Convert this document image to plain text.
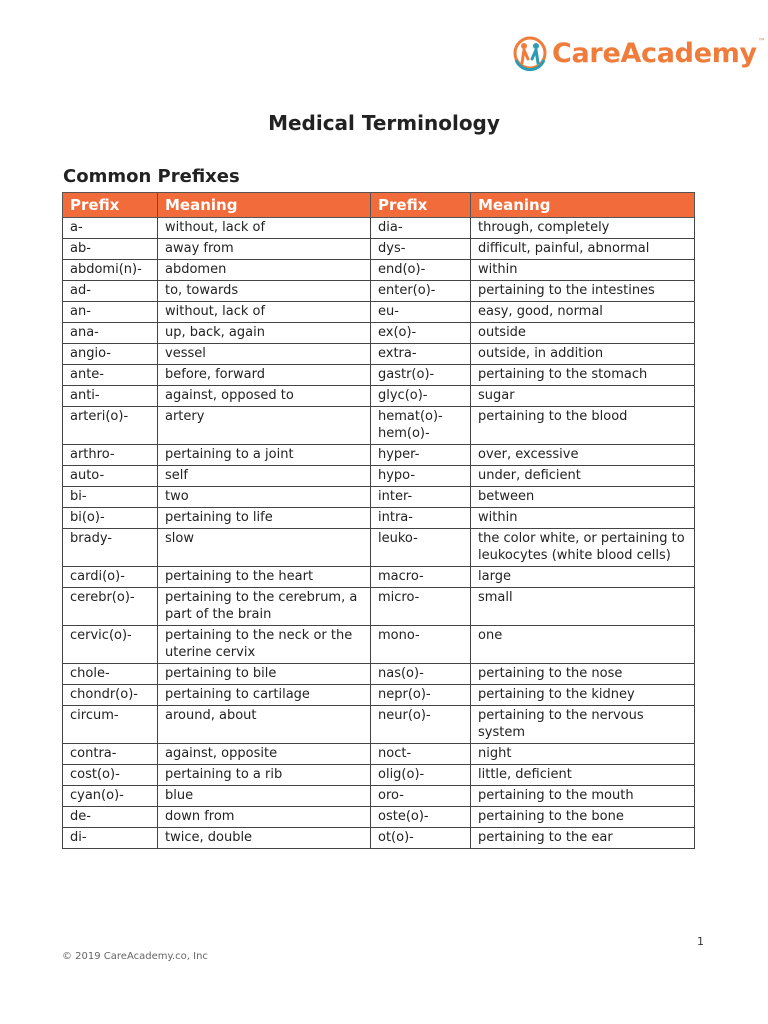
CareAcademy ™
Medical Terminology
Common Prefixes
Prefix	Meaning	Prefix	Meaning
a-	without, lack of	dia-	through, completely
ab-	away from	dys-	difficult, painful, abnormal
abdomi(n)-	abdomen	end(o)-	within
ad-	to, towards	enter(o)-	pertaining to the intestines
an-	without, lack of	eu-	easy, good, normal
ana-	up, back, again	ex(o)-	outside
angio-	vessel	extra-	outside, in addition
ante-	before, forward	gastr(o)-	pertaining to the stomach
anti-	against, opposed to	glyc(o)-	sugar
arteri(o)-	artery	hemat(o)- hem(o)-	pertaining to the blood
arthro-	pertaining to a joint	hyper-	over, excessive
auto-	self	hypo-	under, deficient
bi-	two	inter-	between
bi(o)-	pertaining to life	intra-	within
brady-	slow	leuko-	the color white, or pertaining to leukocytes (white blood cells)
cardi(o)-	pertaining to the heart	macro-	large
cerebr(o)-	pertaining to the cerebrum, a part of the brain	micro-	small
cervic(o)-	pertaining to the neck or the uterine cervix	mono-	one
chole-	pertaining to bile	nas(o)-	pertaining to the nose
chondr(o)-	pertaining to cartilage	nepr(o)-	pertaining to the kidney
circum-	around, about	neur(o)-	pertaining to the nervous system
contra-	against, opposite	noct-	night
cost(o)-	pertaining to a rib	olig(o)-	little, deficient
cyan(o)-	blue	oro-	pertaining to the mouth
de-	down from	oste(o)-	pertaining to the bone
di-	twice, double	ot(o)-	pertaining to the ear
1
© 2019 CareAcademy.co, Inc
